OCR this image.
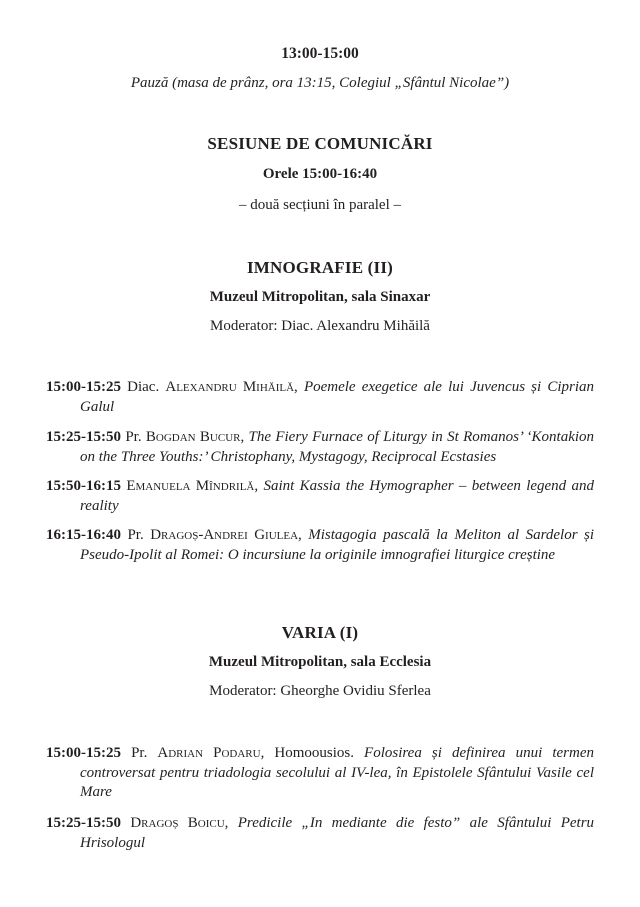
13:00-15:00

Pauză (masa de prânz, ora 13:15, Colegiul „Sfântul Nicolae”)

SESIUNE DE COMUNICĂRI

Orele 15:00-16:40

– două secțiuni în paralel –

IMNOGRAFIE (II)

Muzeul Mitropolitan, sala Sinaxar

Moderator: Diac. Alexandru Mihăilă

15:00-15:25 Diac. Alexandru Mihăilă, Poemele exegetice ale lui Juvencus și Ciprian Galul
15:25-15:50 Pr. Bogdan Bucur, The Fiery Furnace of Liturgy in St Romanos’ ‘Kontakion on the Three Youths:’ Christophany, Mystagogy, Reciprocal Ecstasies
15:50-16:15 Emanuela Mîndrilă, Saint Kassia the Hymographer – between legend and reality
16:15-16:40 Pr. Dragoș-Andrei Giulea, Mistagogia pascală la Meliton al Sardelor și Pseudo-Ipolit al Romei: O incursiune la originile imnografiei liturgice creștine

VARIA (I)

Muzeul Mitropolitan, sala Ecclesia

Moderator: Gheorghe Ovidiu Sferlea

15:00-15:25 Pr. Adrian Podaru, Homoousios. Folosirea și definirea unui termen controversat pentru triadologia secolului al IV-lea, în Epistolele Sfântului Vasile cel Mare
15:25-15:50 Dragoș Boicu, Predicile „In mediante die festo” ale Sfântului Petru Hrisologul
